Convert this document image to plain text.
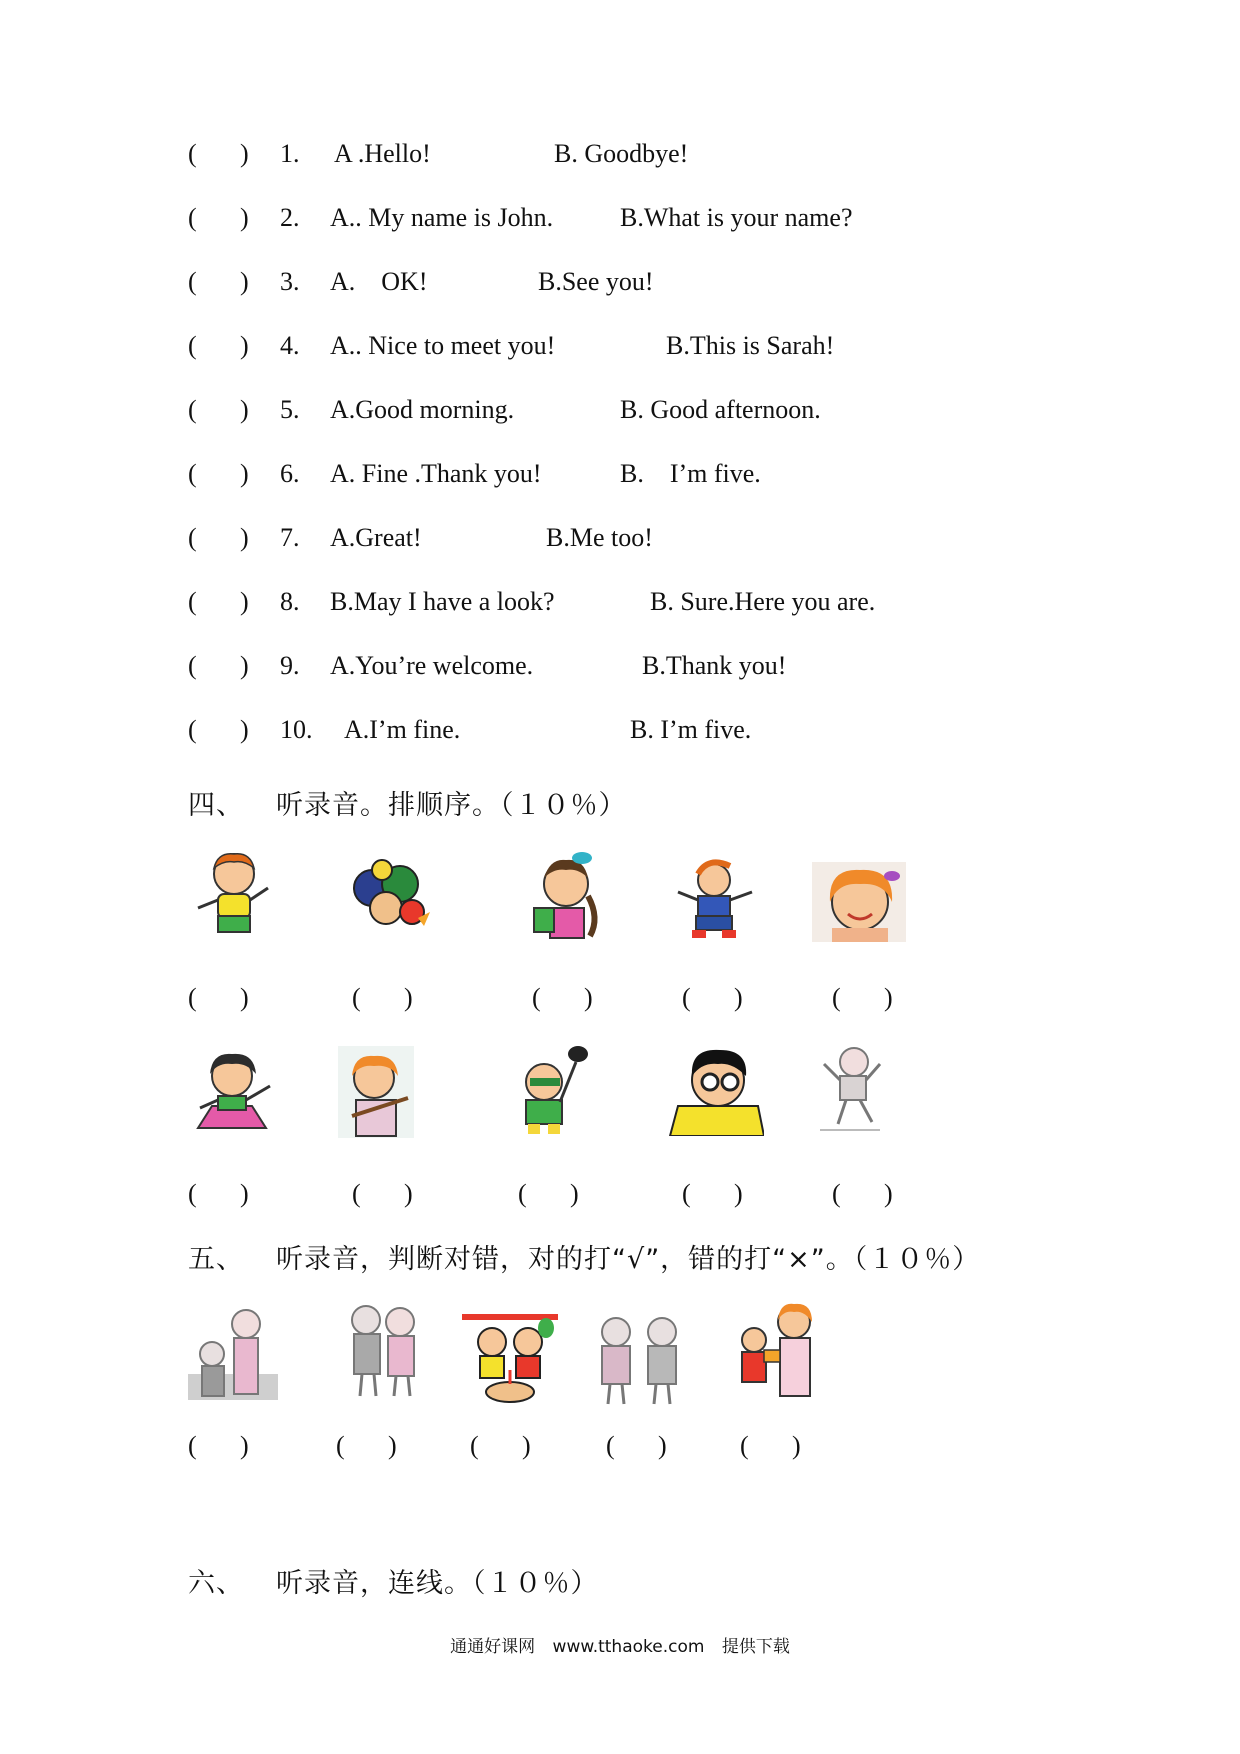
( ) 1. A .Hello!	B. Goodbye!
( ) 2. A.. My name is John.	B.What is your name?
( ) 3. A.    OK!	B.See you!
( ) 4. A.. Nice to meet you!	B.This is Sarah!
( ) 5. A.Good morning.	B. Good afternoon.
( ) 6. A. Fine .Thank you!	B.    I’m five.
( ) 7. A.Great!	B.Me too!
( ) 8. B.May I have a look?	B. Sure.Here you are.
( ) 9. A.You’re welcome.	B.Thank you!
( ) 10. A.I’m fine.	B. I’m five.
四、 听录音。排顺序。（１０％）
( )	( )	( )	( )	( )
( )	( )	( )	( )	( )
五、 听录音，判断对错，对的打“√”，错的打“×”。（１０％）
( )	( )	( )	( )	( )
六、 听录音，连线。（１０％）
通通好课网 www.tthaoke.com 提供下载
